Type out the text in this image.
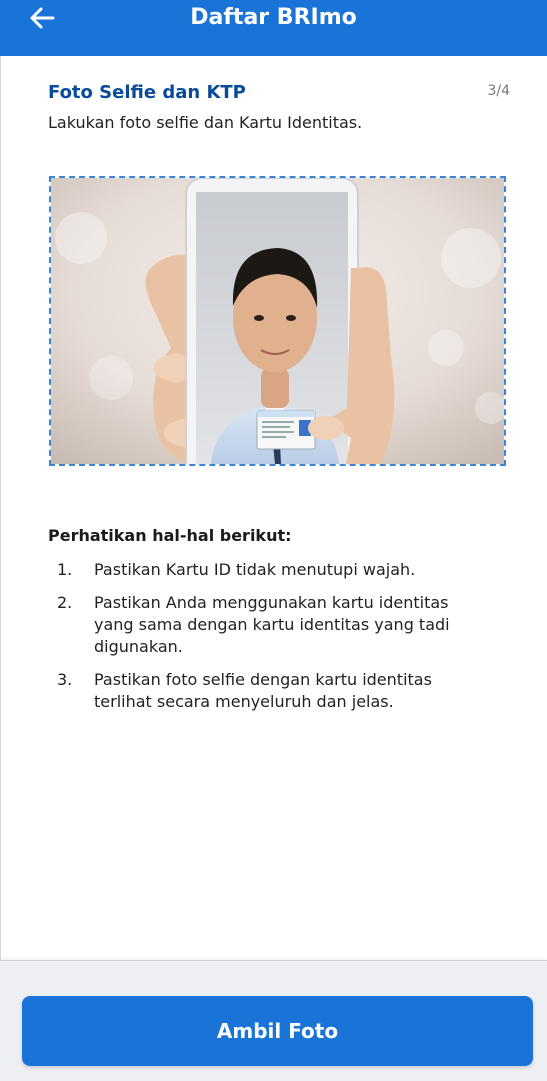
Daftar BRImo
Foto Selfie dan KTP	3/4
Lakukan foto selfie dan Kartu Identitas.
Perhatikan hal-hal berikut:
1.	Pastikan Kartu ID tidak menutupi wajah.
2.	Pastikan Anda menggunakan kartu identitas yang sama dengan kartu identitas yang tadi digunakan.
3.	Pastikan foto selfie dengan kartu identitas terlihat secara menyeluruh dan jelas.
Ambil Foto
